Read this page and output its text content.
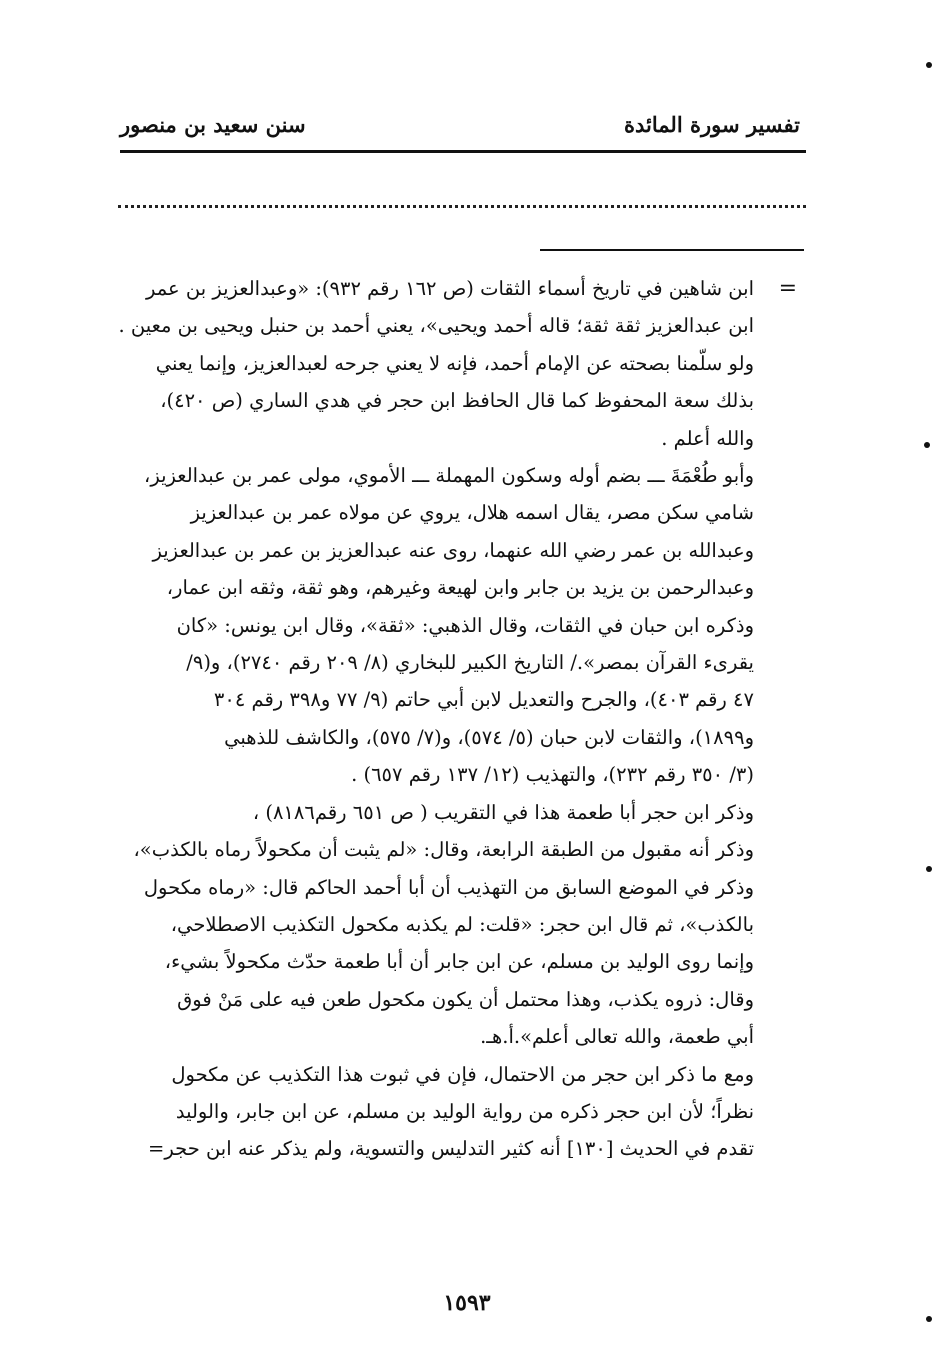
تفسير سورة المائدة
سنن سعيد بن منصور
=
ابن شاهين في تاريخ أسماء الثقات (ص ١٦٢ رقم ٩٣٢): «وعبدالعزيز بن عمر
ابن عبدالعزيز ثقة ثقة؛ قاله أحمد ويحيى»، يعني أحمد بن حنبل ويحيى بن معين .
ولو سلّمنا بصحته عن الإمام أحمد، فإنه لا يعني جرحه لعبدالعزيز، وإنما يعني
بذلك سعة المحفوظ كما قال الحافظ ابن حجر في هدي الساري (ص ٤٢٠)،
والله أعلم .
وأبو طُعْمَةَ ـــ بضم أوله وسكون المهملة ـــ الأموي، مولى عمر بن عبدالعزيز،
شامي سكن مصر، يقال اسمه هلال، يروي عن مولاه عمر بن عبدالعزيز
وعبدالله بن عمر رضي الله عنهما، روى عنه عبدالعزيز بن عمر بن عبدالعزيز
وعبدالرحمن بن يزيد بن جابر وابن لهيعة وغيرهم، وهو ثقة، وثقه ابن عمار،
وذكره ابن حبان في الثقات، وقال الذهبي: «ثقة»، وقال ابن يونس: «كان
يقرىء القرآن بمصر»./ التاريخ الكبير للبخاري (٨/ ٢٠٩ رقم ٢٧٤٠)، و(٩/
٤٧ رقم ٤٠٣)، والجرح والتعديل لابن أبي حاتم (٩/ ٧٧ و٣٩٨ رقم ٣٠٤
و١٨٩٩)، والثقات لابن حبان (٥/ ٥٧٤)، و(٧/ ٥٧٥)، والكاشف للذهبي
(٣/ ٣٥٠ رقم ٢٣٢)، والتهذيب (١٢/ ١٣٧ رقم ٦٥٧) .
وذكر ابن حجر أبا طعمة هذا في التقريب ( ص ٦٥١ رقم٨١٨٦) ،
وذكر أنه مقبول من الطبقة الرابعة، وقال: «لم يثبت أن مكحولاً رماه بالكذب»،
وذكر في الموضع السابق من التهذيب أن أبا أحمد الحاكم قال: «رماه مكحول
بالكذب»، ثم قال ابن حجر: «قلت: لم يكذبه مكحول التكذيب الاصطلاحي،
وإنما روى الوليد بن مسلم، عن ابن جابر أن أبا طعمة حدّث مكحولاً بشيء،
وقال: ذروه يكذب، وهذا محتمل أن يكون مكحول طعن فيه على مَنْ فوق
أبي طعمة، والله تعالى أعلم».أ.هـ.
ومع ما ذكر ابن حجر من الاحتمال، فإن في ثبوت هذا التكذيب عن مكحول
نظراً؛ لأن ابن حجر ذكره من رواية الوليد بن مسلم، عن ابن جابر، والوليد
تقدم في الحديث [١٣٠] أنه كثير التدليس والتسوية، ولم يذكر عنه ابن حجر=
١٥٩٣
